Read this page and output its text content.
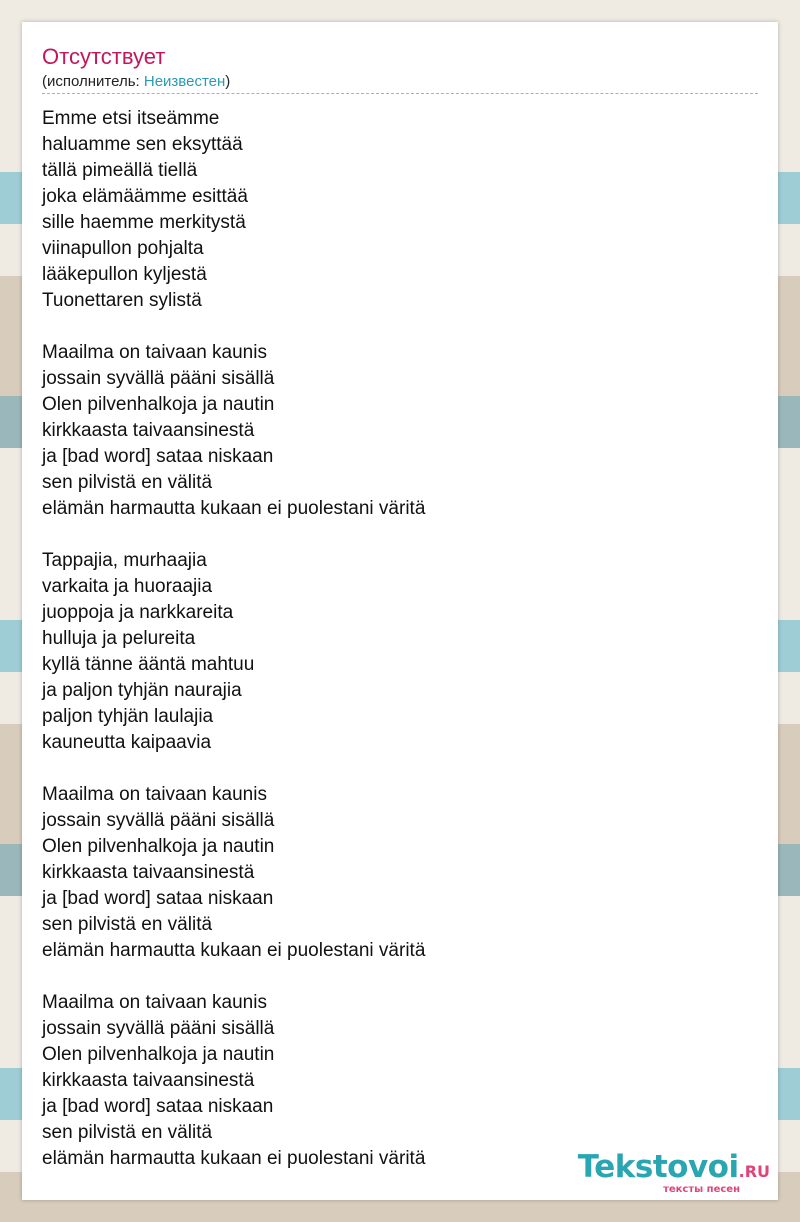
Отсутствует
(исполнитель: Неизвестен)
Emme etsi itseämme
haluamme sen eksyttää
tällä pimeällä tiellä
joka elämäämme esittää
sille haemme merkitystä
viinapullon pohjalta
lääkepullon kyljestä
Tuonettaren sylistä
Maailma on taivaan kaunis
jossain syvällä pääni sisällä
Olen pilvenhalkoja ja nautin
kirkkaasta taivaansinestä
ja [bad word] sataa niskaan
sen pilvistä en välitä
elämän harmautta kukaan ei puolestani väritä
Tappajia, murhaajia
varkaita ja huoraajia
juoppoja ja narkkareita
hulluja ja pelureita
kyllä tänne ääntä mahtuu
ja paljon tyhjän naurajia
paljon tyhjän laulajia
kauneutta kaipaavia
Maailma on taivaan kaunis
jossain syvällä pääni sisällä
Olen pilvenhalkoja ja nautin
kirkkaasta taivaansinestä
ja [bad word] sataa niskaan
sen pilvistä en välitä
elämän harmautta kukaan ei puolestani väritä
Maailma on taivaan kaunis
jossain syvällä pääni sisällä
Olen pilvenhalkoja ja nautin
kirkkaasta taivaansinestä
ja [bad word] sataa niskaan
sen pilvistä en välitä
elämän harmautta kukaan ei puolestani väritä	Tekstovoi.RU
тексты песен
